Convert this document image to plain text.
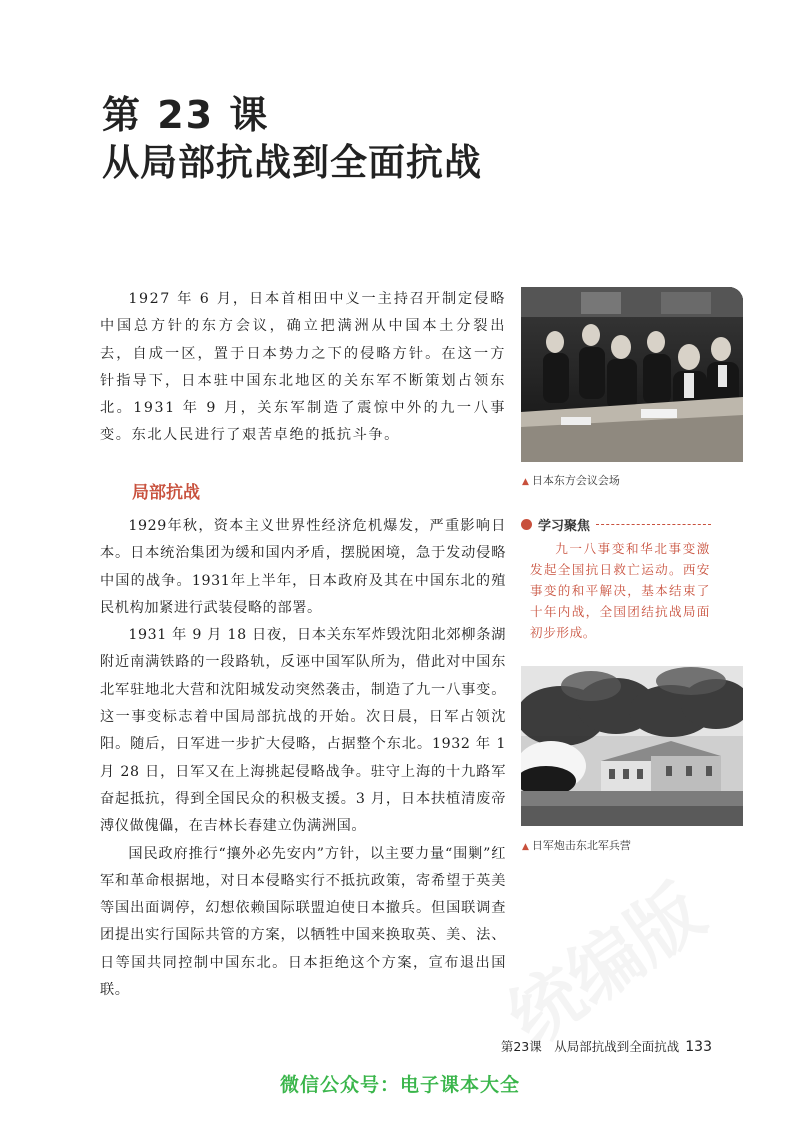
第 23 课
从局部抗战到全面抗战

1927 年 6 月，日本首相田中义一主持召开制定侵略中国总方针的东方会议，确立把满洲从中国本土分裂出去，自成一区，置于日本势力之下的侵略方针。在这一方针指导下，日本驻中国东北地区的关东军不断策划占领东北。1931 年 9 月，关东军制造了震惊中外的九一八事变。东北人民进行了艰苦卓绝的抵抗斗争。

局部抗战

1929年秋，资本主义世界性经济危机爆发，严重影响日本。日本统治集团为缓和国内矛盾，摆脱困境，急于发动侵略中国的战争。1931年上半年，日本政府及其在中国东北的殖民机构加紧进行武装侵略的部署。

1931 年 9 月 18 日夜，日本关东军炸毁沈阳北郊柳条湖附近南满铁路的一段路轨，反诬中国军队所为，借此对中国东北军驻地北大营和沈阳城发动突然袭击，制造了九一八事变。这一事变标志着中国局部抗战的开始。次日晨，日军占领沈阳。随后，日军进一步扩大侵略，占据整个东北。1932 年 1 月 28 日，日军又在上海挑起侵略战争。驻守上海的十九路军奋起抵抗，得到全国民众的积极支援。3 月，日本扶植清废帝溥仪做傀儡，在吉林长春建立伪满洲国。

国民政府推行“攘外必先安内”方针，以主要力量“围剿”红军和革命根据地，对日本侵略实行不抵抗政策，寄希望于英美等国出面调停，幻想依赖国际联盟迫使日本撤兵。但国联调查团提出实行国际共管的方案，以牺牲中国来换取英、美、法、日等国共同控制中国东北。日本拒绝这个方案，宣布退出国联。

▲ 日本东方会议会场
学习聚焦

九一八事变和华北事变激发起全国抗日救亡运动。西安事变的和平解决，基本结束了十年内战，全国团结抗战局面初步形成。

▲ 日军炮击东北军兵营
第23课　从局部抗战到全面抗战 133
微信公众号：电子课本大全
